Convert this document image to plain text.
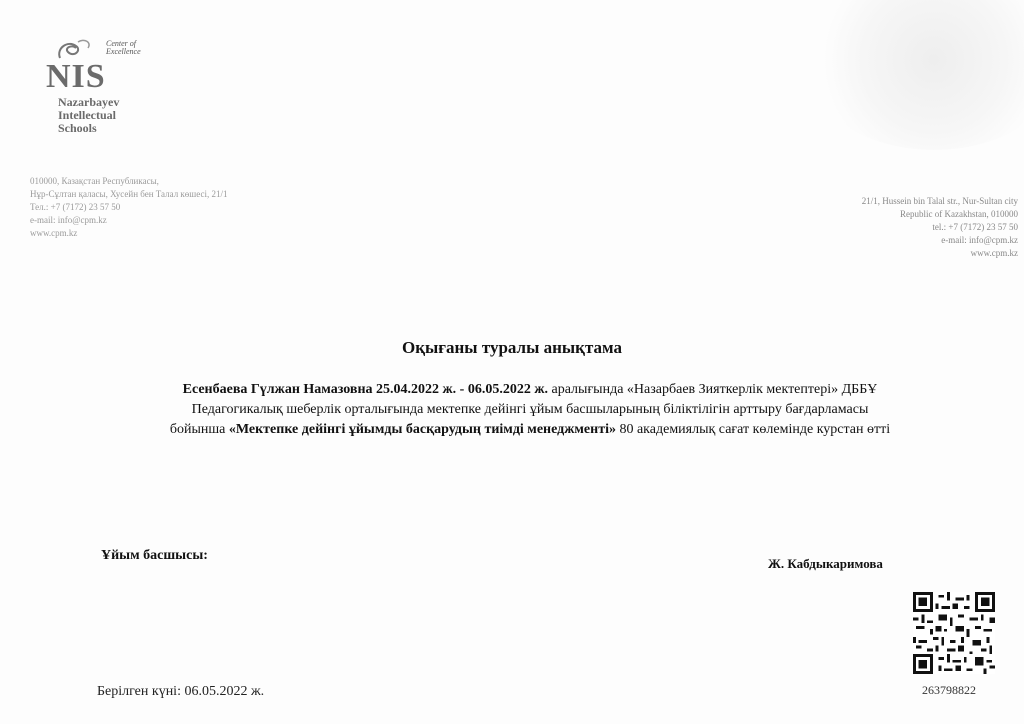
Center of Excellence
NIS
Nazarbayev
Intellectual
Schools
010000, Казақстан Республикасы,
Нұр-Сұлтан қаласы, Хусейн бен Талал көшесі, 21/1
Тел.: +7 (7172) 23 57 50
e-mail: info@cpm.kz
www.cpm.kz
21/1, Hussein bin Talal str., Nur-Sultan city
Republic of Kazakhstan, 010000
tel.: +7 (7172) 23 57 50
e-mail: info@cpm.kz
www.cpm.kz
Оқығаны туралы анықтама
Есенбаева Гүлжан Намазовна 25.04.2022 ж. - 06.05.2022 ж. аралығында «Назарбаев Зияткерлік мектептері» ДББҰ
Педагогикалық шеберлік орталығында мектепке дейінгі ұйым басшыларының біліктілігін арттыру бағдарламасы
бойынша «Мектепке дейінгі ұйымды басқарудың тиімді менеджменті» 80 академиялық сағат көлемінде курстан өтті
Ұйым басшысы:
Ж. Кабдыкаримова
263798822
Берілген күні: 06.05.2022 ж.
